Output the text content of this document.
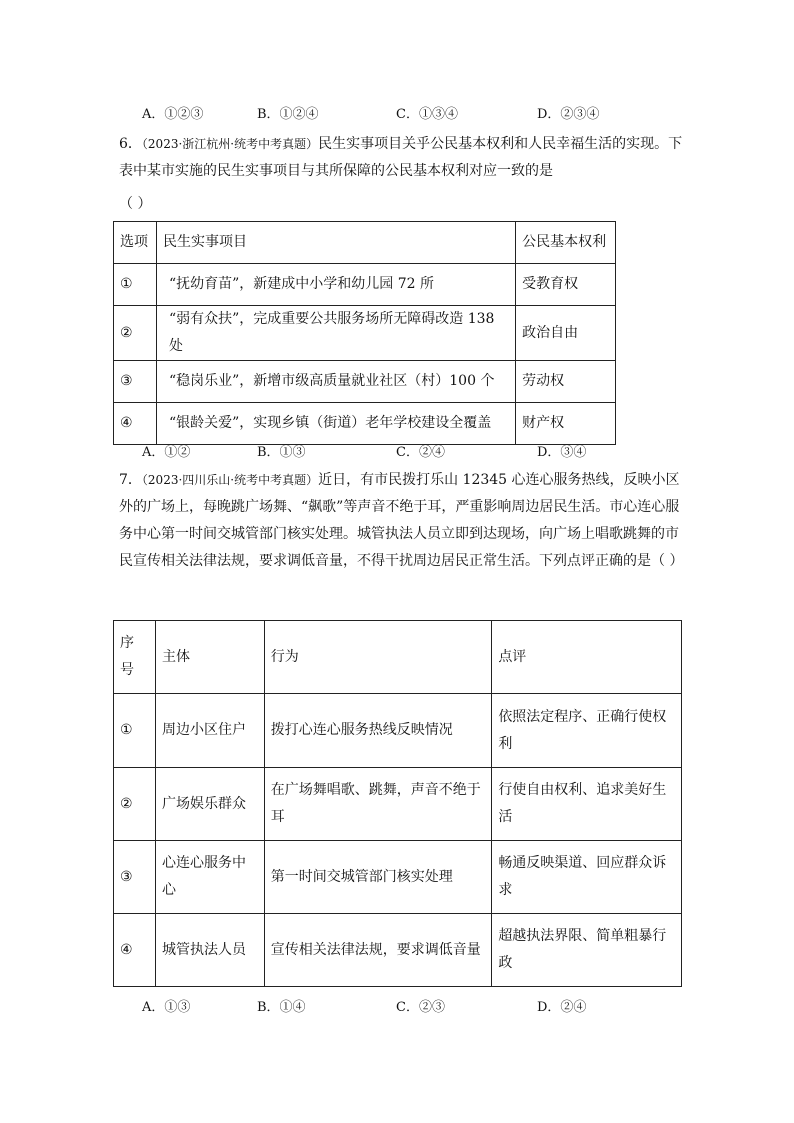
A．①②③	B．①②④	C．①③④	D．②③④
6．（2023·浙江杭州·统考中考真题）民生实事项目关乎公民基本权利和人民幸福生活的实现。下表中某市实施的民生实事项目与其所保障的公民基本权利对应一致的是
（ ）
选项	民生实事项目	公民基本权利
①	“抚幼育苗”，新建成中小学和幼儿园 72 所	受教育权
②	“弱有众扶”，完成重要公共服务场所无障碍改造 138 处	政治自由
③	“稳岗乐业”，新增市级高质量就业社区（村）100 个	劳动权
④	“银龄关爱”，实现乡镇（街道）老年学校建设全覆盖	财产权
A．①②	B．①③	C．②④	D．③④
7．（2023·四川乐山·统考中考真题）近日，有市民拨打乐山 12345 心连心服务热线，反映小区外的广场上，每晚跳广场舞、“飙歌”等声音不绝于耳，严重影响周边居民生活。市心连心服务中心第一时间交城管部门核实处理。城管执法人员立即到达现场，向广场上唱歌跳舞的市民宣传相关法律法规，要求调低音量，不得干扰周边居民正常生活。下列点评正确的是（ ）
序
号	主体	行为	点评
①	周边小区住户	拨打心连心服务热线反映情况	依照法定程序、正确行使权
利
②	广场娱乐群众	在广场舞唱歌、跳舞，声音不绝于
耳	行使自由权利、追求美好生
活
③	心连心服务中
心	第一时间交城管部门核实处理	畅通反映渠道、回应群众诉
求
④	城管执法人员	宣传相关法律法规，要求调低音量	超越执法界限、简单粗暴行
政
A．①③	B．①④	C．②③	D．②④
